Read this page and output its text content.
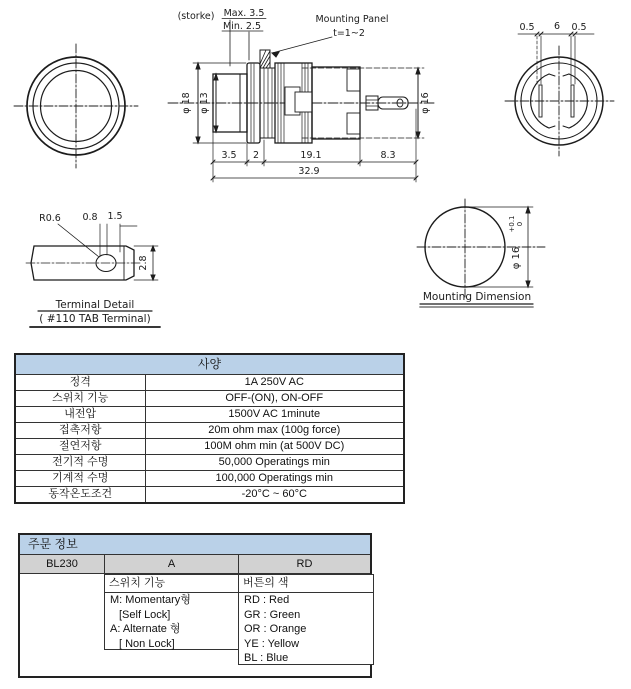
(storke) Max. 3.5
Min. 2.5
Mounting Panel
t=1~2
φ 18 φ 13	φ 16
3.5 2	19.1	8.3
32.9
0.5 6 0.5
R0.6 0.8 1.5
2.8
Terminal Detail
( #110 TAB Terminal)
φ 16
+0.1 0
Mounting Dimension
사양	
정격	1A 250V AC
스위치 기능	OFF-(ON), ON-OFF
내전압	1500V AC 1minute
접촉저항	20m ohm max (100g force)
절연저항	100M ohm min (at 500V DC)
전기적 수명	50,000 Operatings min
기계적 수명	100,000 Operatings min
동작온도조건	-20°C ~ 60°C
주문 정보
BL230	A	RD
스위치 기능
M: Momentary형
[Self Lock]
A: Alternate 형
[ Non Lock]
버튼의 색
RD : Red
GR : Green
OR : Orange
YE : Yellow
BL : Blue
